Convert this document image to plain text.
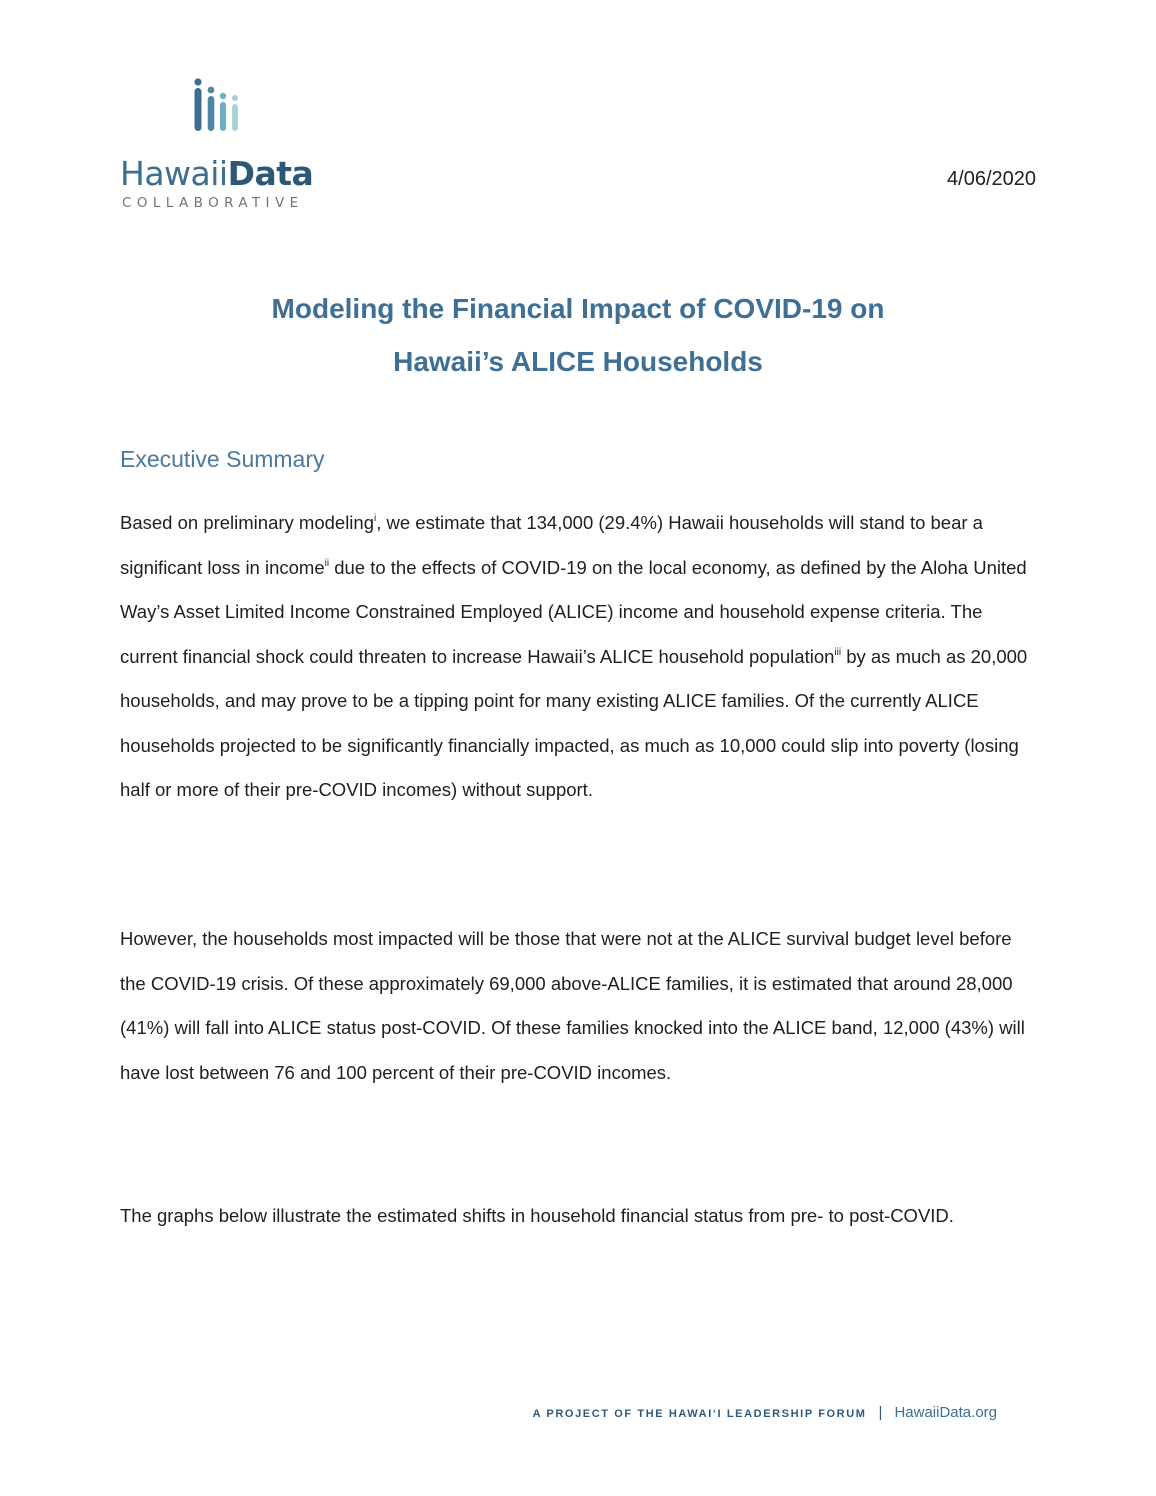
HawaiiData
COLLABORATIVE
4/06/2020
Modeling the Financial Impact of COVID-19 on
Hawaii’s ALICE Households
Executive Summary
Based on preliminary modeling$^i$, we estimate that 134,000 (29.4%) Hawaii households will stand to bear a significant loss in income$^{ii}$ due to the effects of COVID-19 on the local economy, as defined by the Aloha United Way’s Asset Limited Income Constrained Employed (ALICE) income and household expense criteria. The current financial shock could threaten to increase Hawaii’s ALICE household population$^{iii}$ by as much as 20,000 households, and may prove to be a tipping point for many existing ALICE families. Of the currently ALICE households projected to be significantly financially impacted, as much as 10,000 could slip into poverty (losing half or more of their pre-COVID incomes) without support.
However, the households most impacted will be those that were not at the ALICE survival budget level before the COVID-19 crisis. Of these approximately 69,000 above-ALICE families, it is estimated that around 28,000 (41%) will fall into ALICE status post-COVID. Of these families knocked into the ALICE band, 12,000 (43%) will have lost between 76 and 100 percent of their pre-COVID incomes.
The graphs below illustrate the estimated shifts in household financial status from pre- to post-COVID.
A PROJECT OF THE HAWAI‘I LEADERSHIP FORUM | HawaiiData.org
